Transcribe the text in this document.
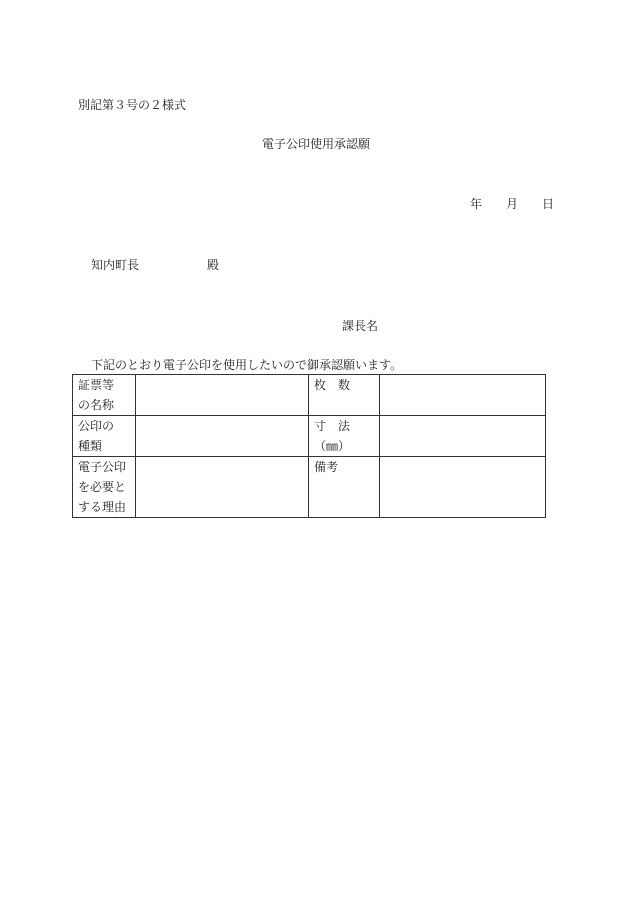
別記第３号の２様式
電子公印使用承認願
年 月 日
知内町長	殿
課長名
下記のとおり電子公印を使用したいので御承認願います。
証票等
の名称		枚　数	

公印の
種類		寸　法
（㎜）	

電子公印
を必要と
する理由		備考	
